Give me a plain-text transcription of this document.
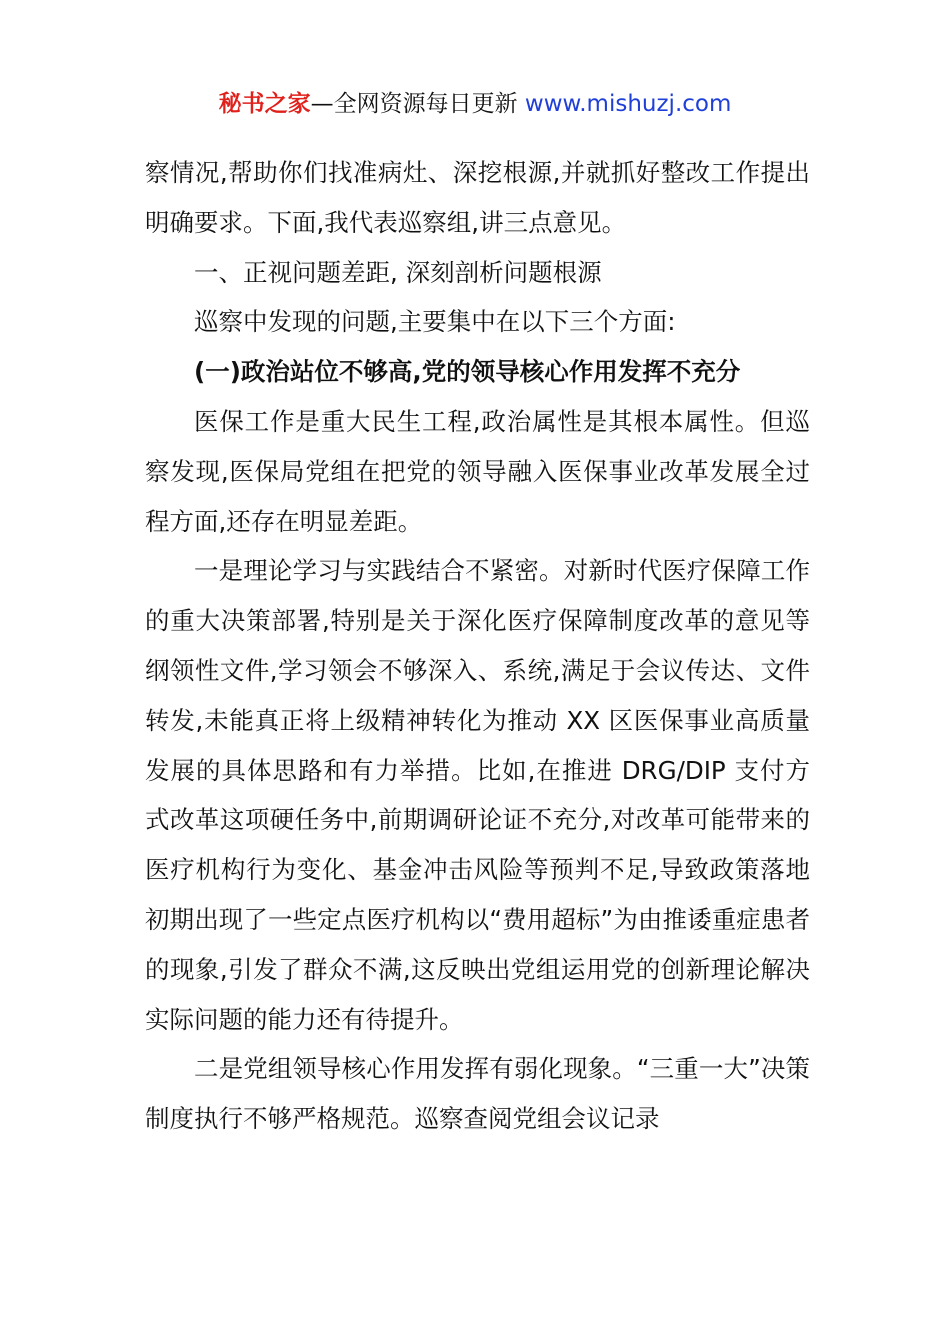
秘书之家—全网资源每日更新 www.mishuzj.com

察情况,帮助你们找准病灶、深挖根源,并就抓好整改工作提出明确要求。下面,我代表巡察组,讲三点意见。

一、正视问题差距, 深刻剖析问题根源

巡察中发现的问题,主要集中在以下三个方面:

(一)政治站位不够高,党的领导核心作用发挥不充分

医保工作是重大民生工程,政治属性是其根本属性。但巡察发现,医保局党组在把党的领导融入医保事业改革发展全过程方面,还存在明显差距。

一是理论学习与实践结合不紧密。对新时代医疗保障工作的重大决策部署,特别是关于深化医疗保障制度改革的意见等纲领性文件,学习领会不够深入、系统,满足于会议传达、文件转发,未能真正将上级精神转化为推动 XX 区医保事业高质量发展的具体思路和有力举措。比如,在推进 DRG/DIP 支付方式改革这项硬任务中,前期调研论证不充分,对改革可能带来的医疗机构行为变化、基金冲击风险等预判不足,导致政策落地初期出现了一些定点医疗机构以“费用超标”为由推诿重症患者的现象,引发了群众不满,这反映出党组运用党的创新理论解决实际问题的能力还有待提升。

二是党组领导核心作用发挥有弱化现象。“三重一大”决策制度执行不够严格规范。巡察查阅党组会议记录
